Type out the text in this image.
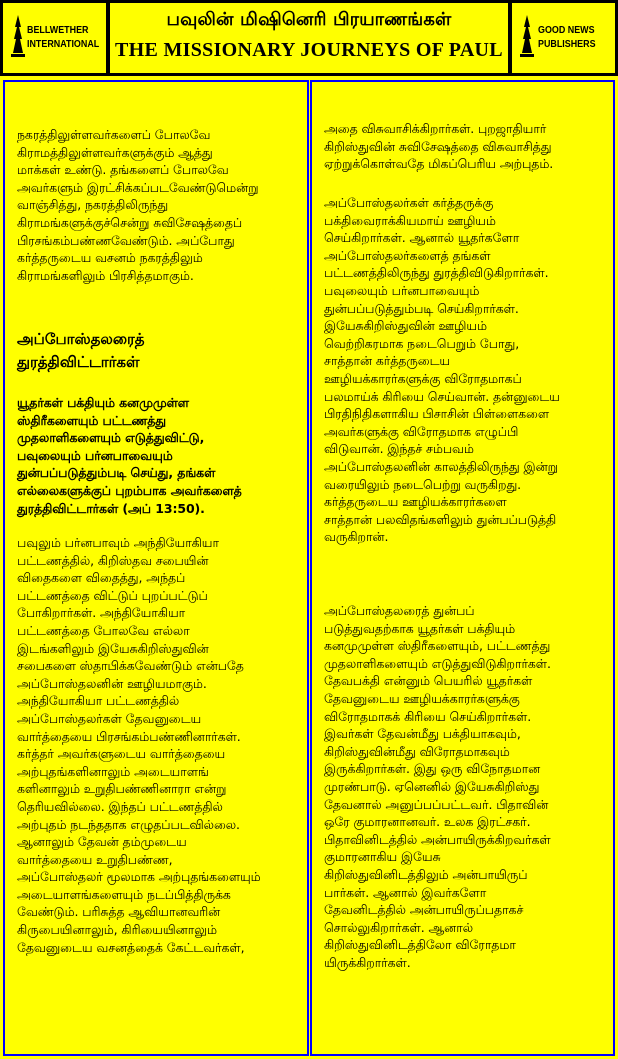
BELLWETHER
INTERNATIONAL
பவுலின் மிஷினெரி பிரயாணங்கள்
THE MISSIONARY JOURNEYS OF PAUL
GOOD NEWS
PUBLISHERS
நகரத்திலுள்ளவர்களைப் போலவே
கிராமத்திலுள்ளவர்களுக்கும் ஆத்து
மாக்கள் உண்டு. தங்களைப் போலவே
அவர்களும் இரட்சிக்கப்படவேண்டுமென்று
வாஞ்சித்து, நகரத்திலிருந்து
கிராமங்களுக்குச்சென்று சுவிசேஷத்தைப்
பிரசங்கம்பண்ணவேண்டும். அப்போது
கர்த்தருடைய வசனம் நகரத்திலும்
கிராமங்களிலும் பிரசித்தமாகும்.
அப்போஸ்தலரைத்
துரத்திவிட்டார்கள்
யூதர்கள் பக்தியும் கனமுமுள்ள
ஸ்திரீகளையும் பட்டணத்து
முதலாளிகளையும் எடுத்துவிட்டு,
பவுலையும் பர்னபாவையும்
துன்பப்படுத்தும்படி செய்து, தங்கள்
எல்லைகளுக்குப் புறம்பாக அவர்களைத்
துரத்திவிட்டார்கள் (அப் 13:50).
பவுலும் பர்னபாவும் அந்தியோகியா
பட்டணத்தில், கிறிஸ்தவ சபையின்
விதைகளை விதைத்து, அந்தப்
பட்டணத்தை விட்டுப் புறப்பட்டுப்
போகிறார்கள். அந்தியோகியா
பட்டணத்தை போலவே எல்லா
இடங்களிலும் இயேசுகிறிஸ்துவின்
சபைகளை ஸ்தாபிக்கவேண்டும் என்பதே
அப்போஸ்தலனின் ஊழியமாகும்.
அந்தியோகியா பட்டணத்தில்
அப்போஸ்தலர்கள் தேவனுடைய
வார்த்தையை பிரசங்கம்பண்ணினார்கள்.
கர்த்தர் அவர்களுடைய வார்த்தையை
அற்புதங்களினாலும் அடையாளங்
களினாலும் உறுதிபண்ணினாரா என்று
தெரியவில்லை. இந்தப் பட்டணத்தில்
அற்புதம் நடந்ததாக எழுதப்படவில்லை.
ஆனாலும் தேவன் தம்முடைய
வார்த்தையை உறுதிபண்ண,
அப்போஸ்தலர் மூலமாக அற்புதங்களையும்
அடையாளங்களையும் நடப்பித்திருக்க
வேண்டும். பரிசுத்த ஆவியானவரின்
கிருபையினாலும், கிரியையினாலும்
தேவனுடைய வசனத்தைக் கேட்டவர்கள்,
அதை விசுவாசிக்கிறார்கள். புறஜாதியார்
கிறிஸ்துவின் சுவிசேஷத்தை விசுவாசித்து
ஏற்றுக்கொள்வதே மிகப்பெரிய அற்புதம்.
அப்போஸ்தலர்கள் கர்த்தருக்கு
பக்திவைராக்கியமாய் ஊழியம்
செய்கிறார்கள். ஆனால் யூதர்களோ
அப்போஸ்தலர்களைத் தங்கள்
பட்டணத்திலிருந்து துரத்திவிடுகிறார்கள்.
பவுலையும் பர்னபாவையும்
துன்பப்படுத்தும்படி செய்கிறார்கள்.
இயேசுகிறிஸ்துவின் ஊழியம்
வெற்றிகரமாக நடைபெறும் போது,
சாத்தான் கர்த்தருடைய
ஊழியக்காரர்களுக்கு விரோதமாகப்
பலமாய்க் கிரியை செய்வான். தன்னுடைய
பிரதிநிதிகளாகிய பிசாசின் பிள்ளைகளை
அவர்களுக்கு விரோதமாக எழுப்பி
விடுவான். இந்தச் சம்பவம்
அப்போஸ்தலனின் காலத்திலிருந்து இன்று
வரையிலும் நடைபெற்று வருகிறது.
கர்த்தருடைய ஊழியக்காரர்களை
சாத்தான் பலவிதங்களிலும் துன்பப்படுத்தி
வருகிறான்.
அப்போஸ்தலரைத் துன்பப்
படுத்துவதற்காக யூதர்கள் பக்தியும்
கனமுமுள்ள ஸ்திரீகளையும், பட்டணத்து
முதலாளிகளையும் எடுத்துவிடுகிறார்கள்.
தேவபக்தி என்னும் பெயரில் யூதர்கள்
தேவனுடைய ஊழியக்காரர்களுக்கு
விரோதமாகக் கிரியை செய்கிறார்கள்.
இவர்கள் தேவன்மீது பக்தியாகவும்,
கிறிஸ்துவின்மீது விரோதமாகவும்
இருக்கிறார்கள். இது ஒரு விநோதமான
முரண்பாடு. ஏனெனில் இயேசுகிறிஸ்து
தேவனால் அனுப்பப்பட்டவர். பிதாவின்
ஒரே குமாரனானவர். உலக இரட்சகர்.
பிதாவினிடத்தில் அன்பாயிருக்கிறவர்கள்
குமாரனாகிய இயேசு
கிறிஸ்துவினிடத்திலும் அன்பாயிருப்
பார்கள். ஆனால் இவர்களோ
தேவனிடத்தில் அன்பாயிருப்பதாகச்
சொல்லுகிறார்கள். ஆனால்
கிறிஸ்துவினிடத்திலோ விரோதமா
யிருக்கிறார்கள்.
